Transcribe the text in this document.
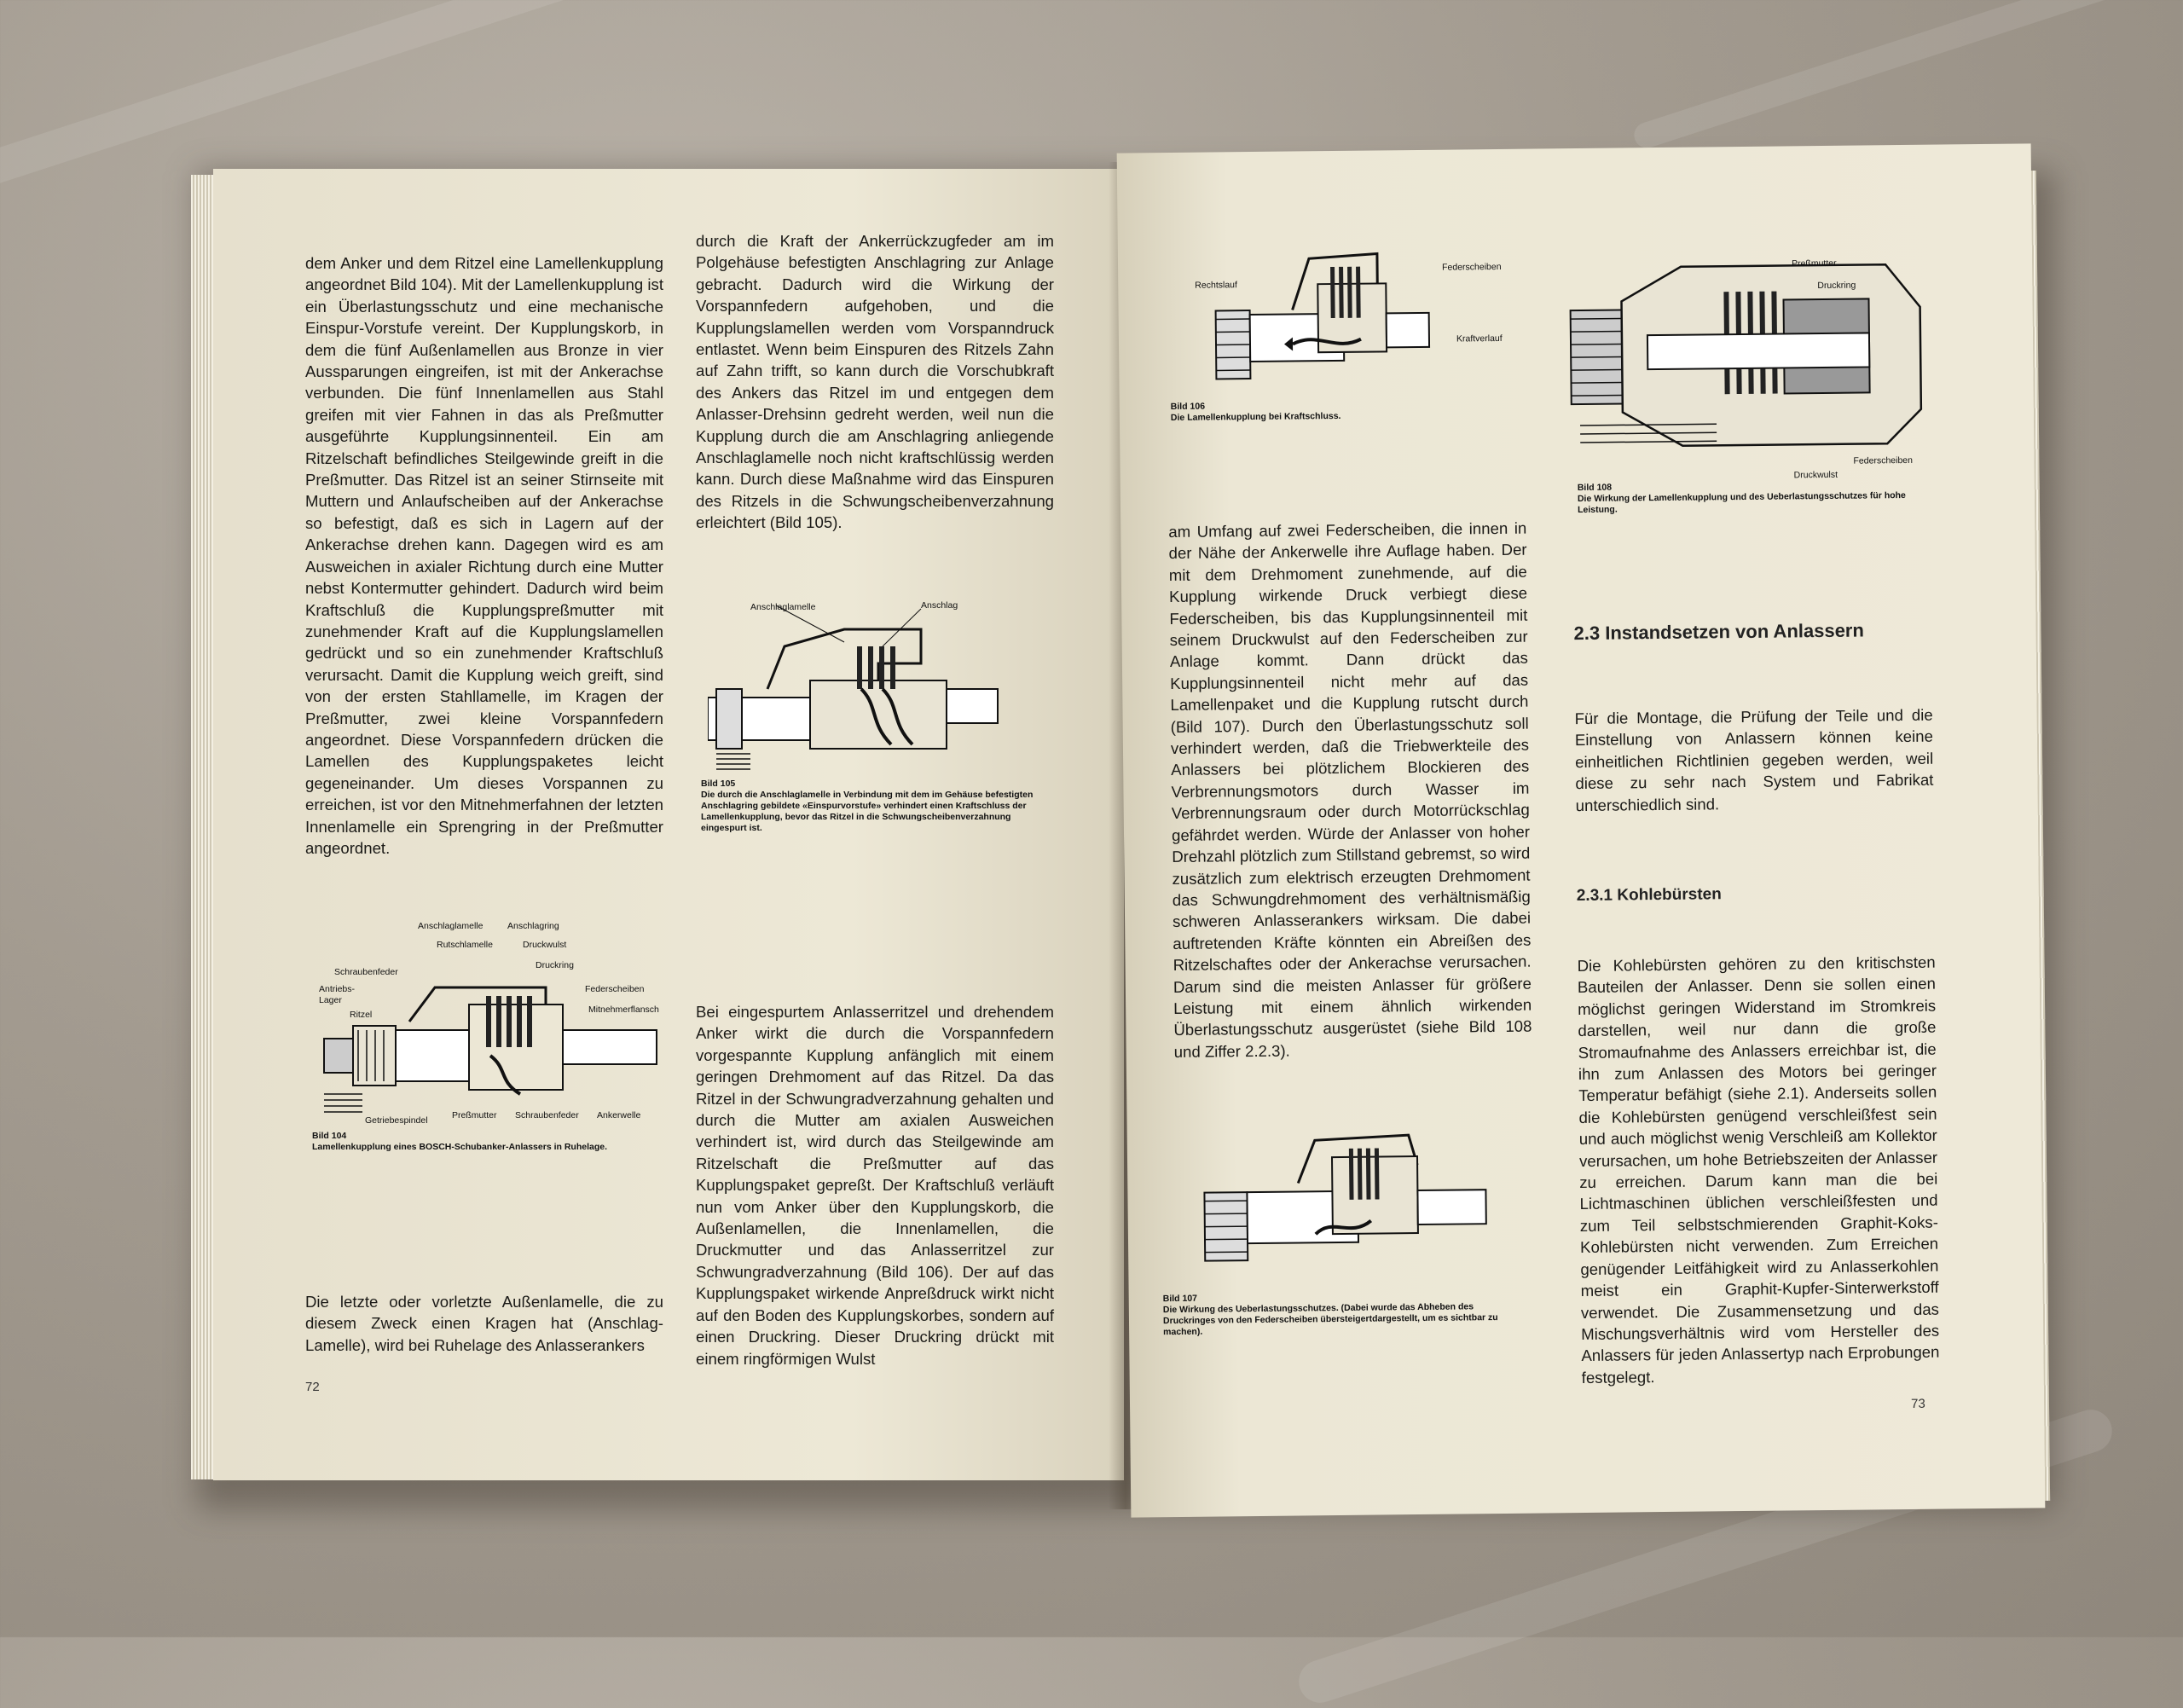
dem Anker und dem Ritzel eine Lamellenkupplung angeordnet Bild 104). Mit der Lamellenkupplung ist ein Überlastungsschutz und eine mechanische Einspur-Vorstufe vereint. Der Kupplungskorb, in dem die fünf Außenlamellen aus Bronze in vier Aussparungen eingreifen, ist mit der Ankerachse verbunden. Die fünf Innenlamellen aus Stahl greifen mit vier Fahnen in das als Preßmutter ausgeführte Kupplungsinnenteil. Ein am Ritzelschaft befindliches Steilgewinde greift in die Preßmutter. Das Ritzel ist an seiner Stirnseite mit Muttern und Anlaufscheiben auf der Ankerachse so befestigt, daß es sich in Lagern auf der Ankerachse drehen kann. Dagegen wird es am Ausweichen in axialer Richtung durch eine Mutter nebst Kontermutter gehindert. Dadurch wird beim Kraftschluß die Kupplungspreßmutter mit zunehmender Kraft auf die Kupplungslamellen gedrückt und so ein zunehmender Kraftschluß verursacht. Damit die Kupplung weich greift, sind von der ersten Stahllamelle, im Kragen der Preßmutter, zwei kleine Vorspannfedern angeordnet. Diese Vorspannfedern drücken die Lamellen des Kupplungspaketes leicht gegeneinander. Um dieses Vorspannen zu erreichen, ist vor den Mitnehmerfahnen der letzten Innenlamelle ein Sprengring in der Preßmutter angeordnet.
durch die Kraft der Ankerrückzugfeder am im Polgehäuse befestigten Anschlagring zur Anlage gebracht. Dadurch wird die Wirkung der Vorspannfedern aufgehoben, und die Kupplungslamellen werden vom Vorspanndruck entlastet. Wenn beim Einspuren des Ritzels Zahn auf Zahn trifft, so kann durch die Vorschubkraft des Ankers das Ritzel im und entgegen dem Anlasser-Drehsinn gedreht werden, weil nun die Kupplung durch die am Anschlagring anliegende Anschlaglamelle noch nicht kraftschlüssig werden kann. Durch diese Maßnahme wird das Einspuren des Ritzels in die Schwungscheibenverzahnung erleichtert (Bild 105).
Anschlaglamelle	Anschlag
Bild 105
Die durch die Anschlaglamelle in Verbindung mit dem im Gehäuse befestigten Anschlagring gebildete «Einspurvorstufe» verhindert einen Kraftschluss der Lamellenkupplung, bevor das Ritzel in die Schwungscheibenverzahnung eingespurt ist.
Anschlaglamelle	Anschlagring
Rutschlamelle	Druckwulst
Druckring
Schraubenfeder
Federscheiben
Antriebs-Lager
Mitnehmerflansch
Ritzel
Getriebespindel	Preßmutter Schraubenfeder Ankerwelle
Bild 104
Lamellenkupplung eines BOSCH-Schubanker-Anlassers in Ruhelage.
Bei eingespurtem Anlasserritzel und drehendem Anker wirkt die durch die Vorspannfedern vorgespannte Kupplung anfänglich mit einem geringen Drehmoment auf das Ritzel. Da das Ritzel in der Schwungradverzahnung gehalten und durch die Mutter am axialen Ausweichen verhindert ist, wird durch das Steilgewinde am Ritzelschaft die Preßmutter auf das Kupplungspaket gepreßt. Der Kraftschluß verläuft nun vom Anker über den Kupplungskorb, die Außenlamellen, die Innenlamellen, die Druckmutter und das Anlasserritzel zur Schwungradverzahnung (Bild 106). Der auf das Kupplungspaket wirkende Anpreßdruck wirkt nicht auf den Boden des Kupplungskorbes, sondern auf einen Druckring. Dieser Druckring drückt mit einem ringförmigen Wulst
Die letzte oder vorletzte Außenlamelle, die zu diesem Zweck einen Kragen hat (Anschlag-Lamelle), wird bei Ruhelage des Anlasserankers
72
Rechtslauf
Federscheiben
Kraftverlauf
Bild 106
Die Lamellenkupplung bei Kraftschluss.
Preßmutter
Druckring
Federscheiben
Druckwulst
Bild 108
Die Wirkung der Lamellenkupplung und des Ueberlastungsschutzes für hohe Leistung.
am Umfang auf zwei Federscheiben, die innen in der Nähe der Ankerwelle ihre Auflage haben. Der mit dem Drehmoment zunehmende, auf die Kupplung wirkende Druck verbiegt diese Federscheiben, bis das Kupplungsinnenteil mit seinem Druckwulst auf den Federscheiben zur Anlage kommt. Dann drückt das Kupplungsinnenteil nicht mehr auf das Lamellenpaket und die Kupplung rutscht durch (Bild 107). Durch den Überlastungsschutz soll verhindert werden, daß die Triebwerkteile des Anlassers bei plötzlichem Blockieren des Verbrennungsmotors durch Wasser im Verbrennungsraum oder durch Motorrückschlag gefährdet werden. Würde der Anlasser von hoher Drehzahl plötzlich zum Stillstand gebremst, so wird zusätzlich zum elektrisch erzeugten Drehmoment das Schwungdrehmoment des verhältnismäßig schweren Anlasserankers wirksam. Die dabei auftretenden Kräfte könnten ein Abreißen des Ritzelschaftes oder der Ankerachse verursachen. Darum sind die meisten Anlasser für größere Leistung mit einem ähnlich wirkenden Überlastungsschutz ausgerüstet (siehe Bild 108 und Ziffer 2.2.3).
2.3 Instandsetzen von Anlassern
Für die Montage, die Prüfung der Teile und die Einstellung von Anlassern können keine einheitlichen Richtlinien gegeben werden, weil diese zu sehr nach System und Fabrikat unterschiedlich sind.
2.3.1 Kohlebürsten
Die Kohlebürsten gehören zu den kritischsten Bauteilen der Anlasser. Denn sie sollen einen möglichst geringen Widerstand im Stromkreis darstellen, weil nur dann die große Stromaufnahme des Anlassers erreichbar ist, die ihn zum Anlassen des Motors bei geringer Temperatur befähigt (siehe 2.1). Anderseits sollen die Kohlebürsten genügend verschleißfest sein und auch möglichst wenig Verschleiß am Kollektor verursachen, um hohe Betriebszeiten der Anlasser zu erreichen. Darum kann man die bei Lichtmaschinen üblichen verschleißfesten und zum Teil selbstschmierenden Graphit-Koks-Kohlebürsten nicht verwenden. Zum Erreichen genügender Leitfähigkeit wird zu Anlasserkohlen meist ein Graphit-Kupfer-Sinterwerkstoff verwendet. Die Zusammensetzung und das Mischungsverhältnis wird vom Hersteller des Anlassers für jeden Anlassertyp nach Erprobungen festgelegt.
Bild 107
Die Wirkung des Ueberlastungsschutzes. (Dabei wurde das Abheben des Druckringes von den Federscheiben übersteigertdargestellt, um es sichtbar zu machen).
73
